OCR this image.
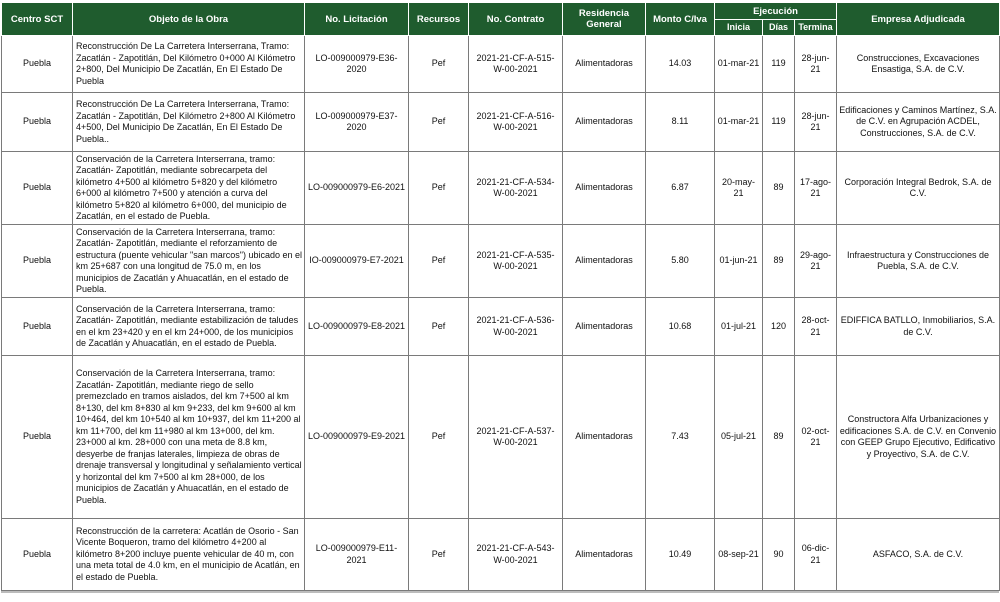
Centro SCT	Objeto de la Obra	No. Licitación	Recursos	No. Contrato	Residencia General	Monto C/Iva	Ejecución			Empresa Adjudicada
							Inicia	Días	Termina	
Puebla	Reconstrucción De La Carretera Interserrana, Tramo: Zacatlán - Zapotitlán, Del Kilómetro 0+000 Al Kilómetro 2+800, Del Municipio De Zacatlán, En El Estado De Puebla	LO-009000979-E36-2020	Pef	2021-21-CF-A-515-W-00-2021	Alimentadoras	14.03	01-mar-21	119	28-jun-21	Construcciones, Excavaciones Ensastiga, S.A. de C.V.
Puebla	Reconstrucción De La Carretera Interserrana, Tramo: Zacatlán - Zapotitlán, Del Kilómetro 2+800 Al Kilómetro 4+500, Del Municipio De Zacatlán, En El Estado De Puebla..	LO-009000979-E37-2020	Pef	2021-21-CF-A-516-W-00-2021	Alimentadoras	8.11	01-mar-21	119	28-jun-21	Edificaciones y Caminos Martínez, S.A. de C.V. en Agrupación ACDEL, Construcciones, S.A. de C.V.
Puebla	Conservación de la Carretera Interserrana, tramo: Zacatlán- Zapotitlán, mediante sobrecarpeta del kilómetro 4+500 al kilómetro 5+820 y del kilómetro 6+000 al kilómetro 7+500 y atención a curva del kilómetro 5+820 al kilómetro 6+000, del municipio de Zacatlán, en el estado de Puebla.	LO-009000979-E6-2021	Pef	2021-21-CF-A-534-W-00-2021	Alimentadoras	6.87	20-may-21	89	17-ago-21	Corporación Integral Bedrok, S.A. de C.V.
Puebla	Conservación de la Carretera Interserrana, tramo: Zacatlán- Zapotitlán, mediante el reforzamiento de estructura (puente vehicular "san marcos") ubicado en el km 25+687 con una longitud de 75.0 m, en los municipios de Zacatlán y Ahuacatlán, en el estado de Puebla.	IO-009000979-E7-2021	Pef	2021-21-CF-A-535-W-00-2021	Alimentadoras	5.80	01-jun-21	89	29-ago-21	Infraestructura y Construcciones de Puebla, S.A. de C.V.
Puebla	Conservación de la Carretera Interserrana, tramo: Zacatlán- Zapotitlán, mediante estabilización de taludes en el km 23+420 y en el km 24+000, de los municipios de Zacatlán y Ahuacatlán, en el estado de Puebla.	LO-009000979-E8-2021	Pef	2021-21-CF-A-536-W-00-2021	Alimentadoras	10.68	01-jul-21	120	28-oct-21	EDIFFICA BATLLO, Inmobiliarios, S.A. de C.V.
Puebla	Conservación de la Carretera Interserrana, tramo: Zacatlán- Zapotitlán, mediante riego de sello premezclado en tramos aislados, del km 7+500 al km 8+130, del km 8+830 al km 9+233, del km 9+600 al km 10+464, del km 10+540 al km 10+937, del km 11+200 al km 11+700, del km 11+980 al km 13+000, del km. 23+000 al km. 28+000 con una meta de 8.8 km, desyerbe de franjas laterales, limpieza de obras de drenaje transversal y longitudinal y señalamiento vertical y horizontal del km 7+500 al km 28+000, de los municipios de Zacatlán y Ahuacatlán, en el estado de Puebla.	LO-009000979-E9-2021	Pef	2021-21-CF-A-537-W-00-2021	Alimentadoras	7.43	05-jul-21	89	02-oct-21	Constructora Alfa Urbanizaciones y edificaciones S.A. de C.V. en Convenio con GEEP Grupo Ejecutivo, Edificativo y Proyectivo, S.A. de C.V.
Puebla	Reconstrucción de la carretera: Acatlán de Osorio - San Vicente Boqueron, tramo del kilómetro 4+200 al kilómetro 8+200 incluye puente vehicular de 40 m, con una meta total de 4.0 km, en el municipio de Acatlán, en el estado de Puebla.	LO-009000979-E11-2021	Pef	2021-21-CF-A-543-W-00-2021	Alimentadoras	10.49	08-sep-21	90	06-dic-21	ASFACO, S.A. de C.V.
